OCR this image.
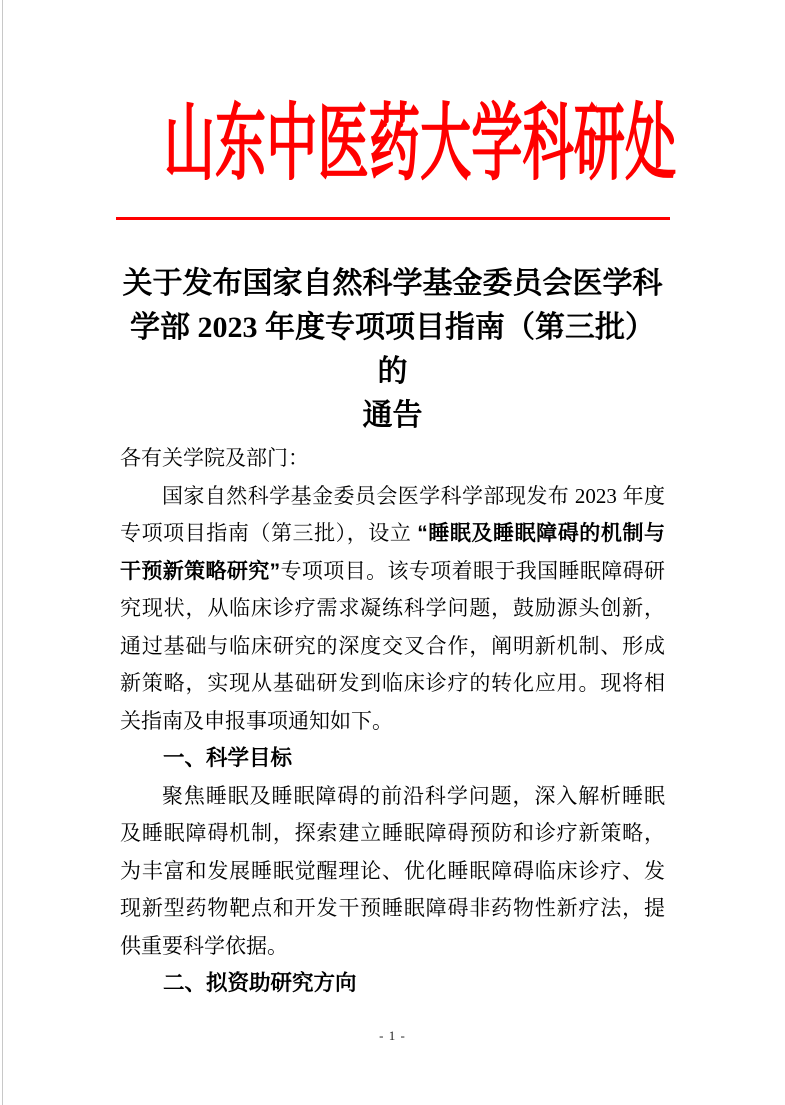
山东中医药大学科研处
关于发布国家自然科学基金委员会医学科
学部 2023 年度专项项目指南（第三批）的
通告

各有关学院及部门：

国家自然科学基金委员会医学科学部现发布 2023 年度专项项目指南（第三批），设立 “睡眠及睡眠障碍的机制与干预新策略研究”专项项目。该专项着眼于我国睡眠障碍研究现状，从临床诊疗需求凝练科学问题，鼓励源头创新，通过基础与临床研究的深度交叉合作，阐明新机制、形成新策略，实现从基础研发到临床诊疗的转化应用。现将相关指南及申报事项通知如下。

一、科学目标

聚焦睡眠及睡眠障碍的前沿科学问题，深入解析睡眠及睡眠障碍机制，探索建立睡眠障碍预防和诊疗新策略，为丰富和发展睡眠觉醒理论、优化睡眠障碍临床诊疗、发现新型药物靶点和开发干预睡眠障碍非药物性新疗法，提供重要科学依据。

二、拟资助研究方向

- 1 -
